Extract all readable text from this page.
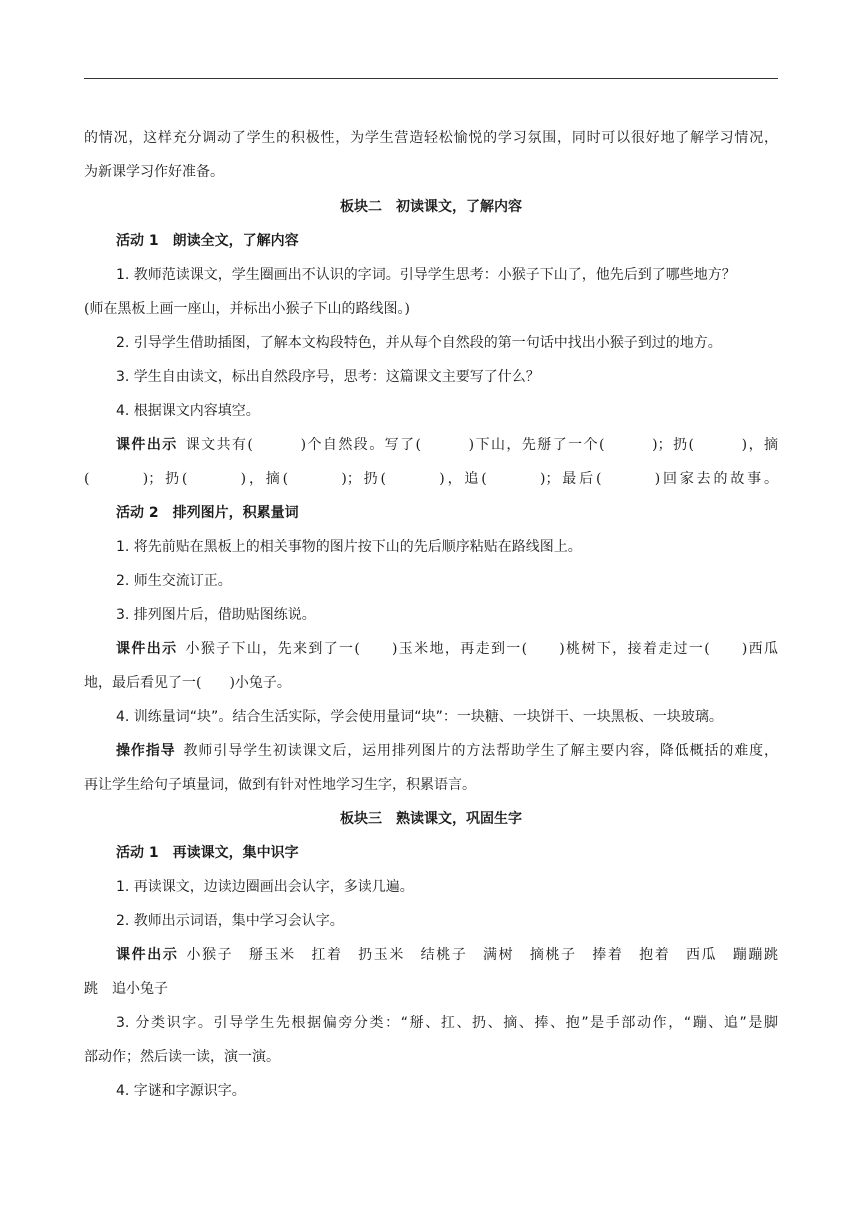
的情况，这样充分调动了学生的积极性，为学生营造轻松愉悦的学习氛围，同时可以很好地了解学习情况，
为新课学习作好准备。
板块二　初读课文，了解内容
活动 1　朗读全文，了解内容
1. 教师范读课文，学生圈画出不认识的字词。引导学生思考：小猴子下山了，他先后到了哪些地方？
(师在黑板上画一座山，并标出小猴子下山的路线图。)
2. 引导学生借助插图，了解本文构段特色，并从每个自然段的第一句话中找出小猴子到过的地方。
3. 学生自由读文，标出自然段序号，思考：这篇课文主要写了什么？
4. 根据课文内容填空。
课件出示 课文共有(　　　)个自然段。写了(　　　)下山，先掰了一个(　　　)；扔(　　　)，摘
(　　　)；扔(　　　)，摘(　　　)；扔(　　　)，追(　　　)；最后(　　　)回家去的故事。
活动 2　排列图片，积累量词
1. 将先前贴在黑板上的相关事物的图片按下山的先后顺序粘贴在路线图上。
2. 师生交流订正。
3. 排列图片后，借助贴图练说。
课件出示 小猴子下山，先来到了一(　　)玉米地，再走到一(　　)桃树下，接着走过一(　　)西瓜
地，最后看见了一(　　)小兔子。
4. 训练量词“块”。结合生活实际，学会使用量词“块”：一块糖、一块饼干、一块黑板、一块玻璃。
操作指导 教师引导学生初读课文后，运用排列图片的方法帮助学生了解主要内容，降低概括的难度，
再让学生给句子填量词，做到有针对性地学习生字，积累语言。
板块三　熟读课文，巩固生字
活动 1　再读课文，集中识字
1. 再读课文，边读边圈画出会认字，多读几遍。
2. 教师出示词语，集中学习会认字。
课件出示 小猴子　掰玉米　扛着　扔玉米　结桃子　满树　摘桃子　捧着　抱着　西瓜　蹦蹦跳
跳　追小兔子
3. 分类识字。引导学生先根据偏旁分类：“掰、扛、扔、摘、捧、抱”是手部动作，“蹦、追”是脚
部动作；然后读一读，演一演。
4. 字谜和字源识字。
